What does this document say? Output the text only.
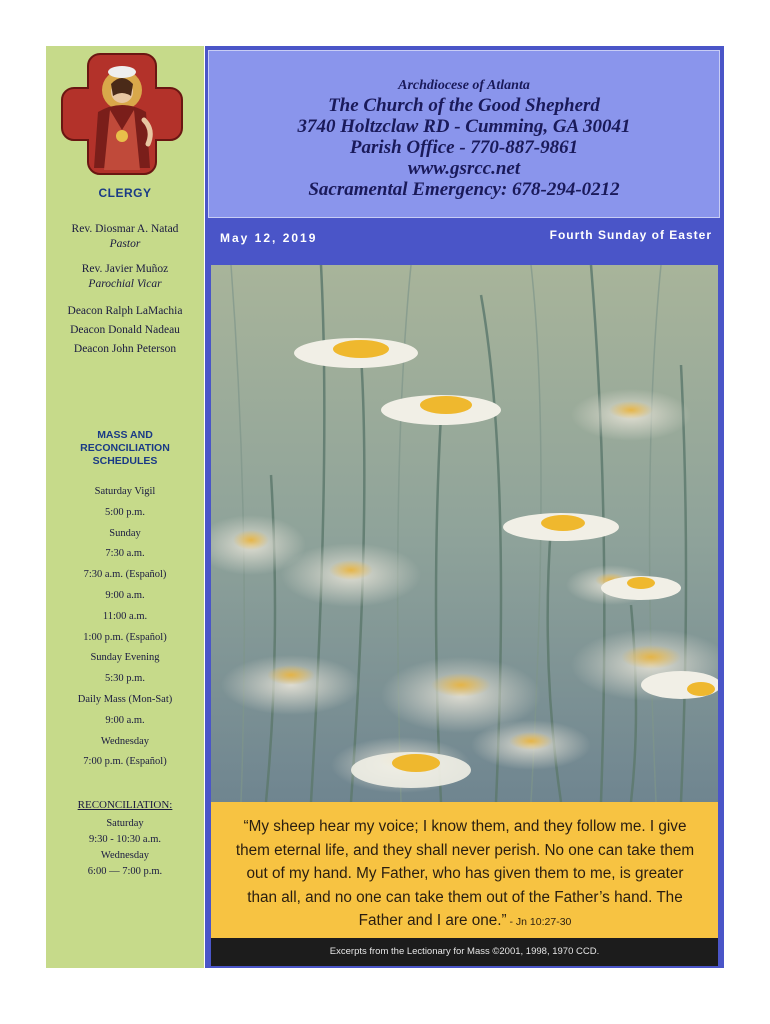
CLERGY
Rev. Diosmar A. Natad
Pastor
Rev. Javier Muñoz
Parochial Vicar
Deacon Ralph LaMachia
Deacon Donald Nadeau
Deacon John Peterson
MASS AND
RECONCILIATION
SCHEDULES
Saturday Vigil
5:00 p.m.
Sunday
7:30 a.m.
7:30 a.m. (Español)
9:00 a.m.
11:00 a.m.
1:00 p.m. (Español)
Sunday Evening
5:30 p.m.
Daily Mass (Mon-Sat)
9:00 a.m.
Wednesday
7:00 p.m. (Español)
RECONCILIATION:
Saturday
9:30 - 10:30 a.m.
Wednesday
6:00 — 7:00 p.m.
Archdiocese of Atlanta
The Church of the Good Shepherd
3740 Holtzclaw RD - Cumming, GA 30041
Parish Office - 770-887-9861
www.gsrcc.net
Sacramental Emergency: 678-294-0212
May 12, 2019	Fourth Sunday of Easter
“My sheep hear my voice; I know them, and they follow me. I give them eternal life, and they shall never perish. No one can take them out of my hand. My Father, who has given them to me, is greater than all, and no one can take them out of the Father’s hand. The Father and I are one.” - Jn 10:27-30
Excerpts from the Lectionary for Mass ©2001, 1998, 1970 CCD.
